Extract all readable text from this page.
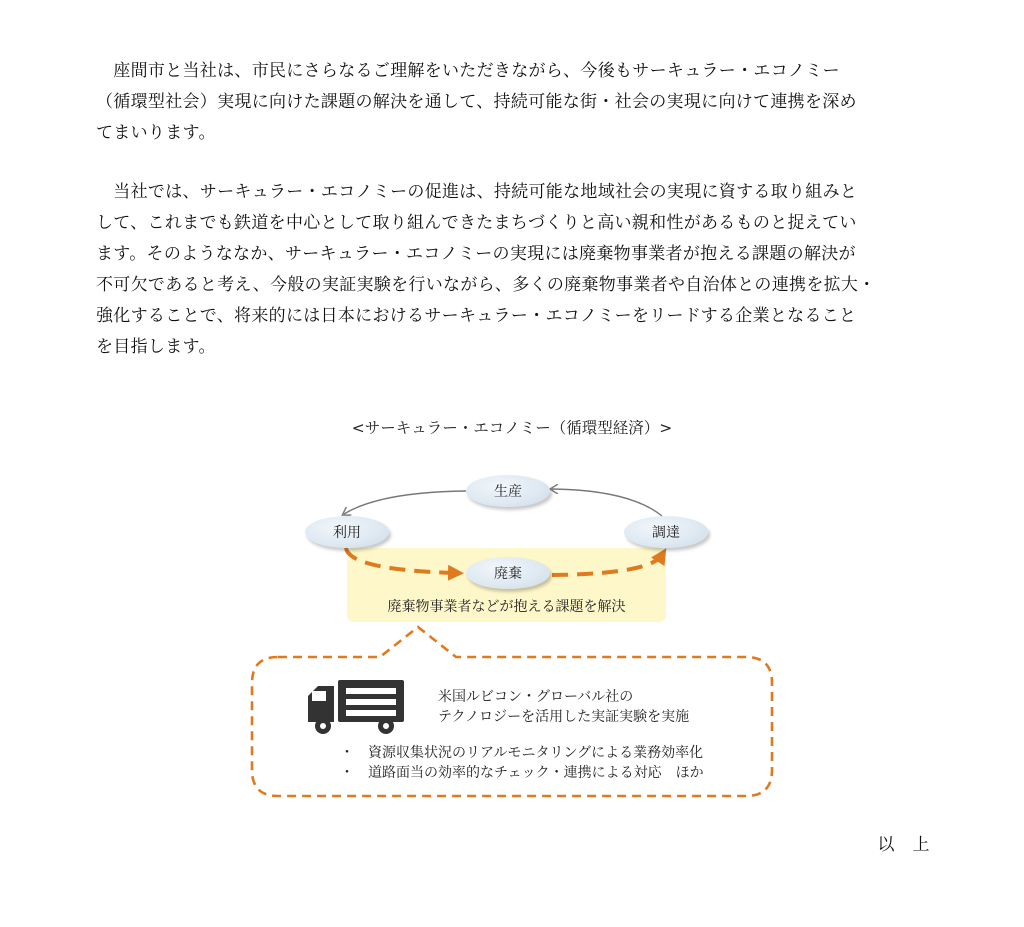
　座間市と当社は、市民にさらなるご理解をいただきながら、今後もサーキュラー・エコノミー
（循環型社会）実現に向けた課題の解決を通して、持続可能な街・社会の実現に向けて連携を深め
てまいります。
　当社では、サーキュラー・エコノミーの促進は、持続可能な地域社会の実現に資する取り組みと
して、これまでも鉄道を中心として取り組んできたまちづくりと高い親和性があるものと捉えてい
ます。そのようななか、サーキュラー・エコノミーの実現には廃棄物事業者が抱える課題の解決が
不可欠であると考え、今般の実証実験を行いながら、多くの廃棄物事業者や自治体との連携を拡大・
強化することで、将来的には日本におけるサーキュラー・エコノミーをリードする企業となること
を目指します。
<サーキュラー・エコノミー（循環型経済）>
生産
利用	調達
廃棄
廃棄物事業者などが抱える課題を解決
米国ルビコン・グローバル社の
テクノロジーを活用した実証実験を実施
・ 資源収集状況のリアルモニタリングによる業務効率化
・ 道路面当の効率的なチェック・連携による対応　ほか
以　上
